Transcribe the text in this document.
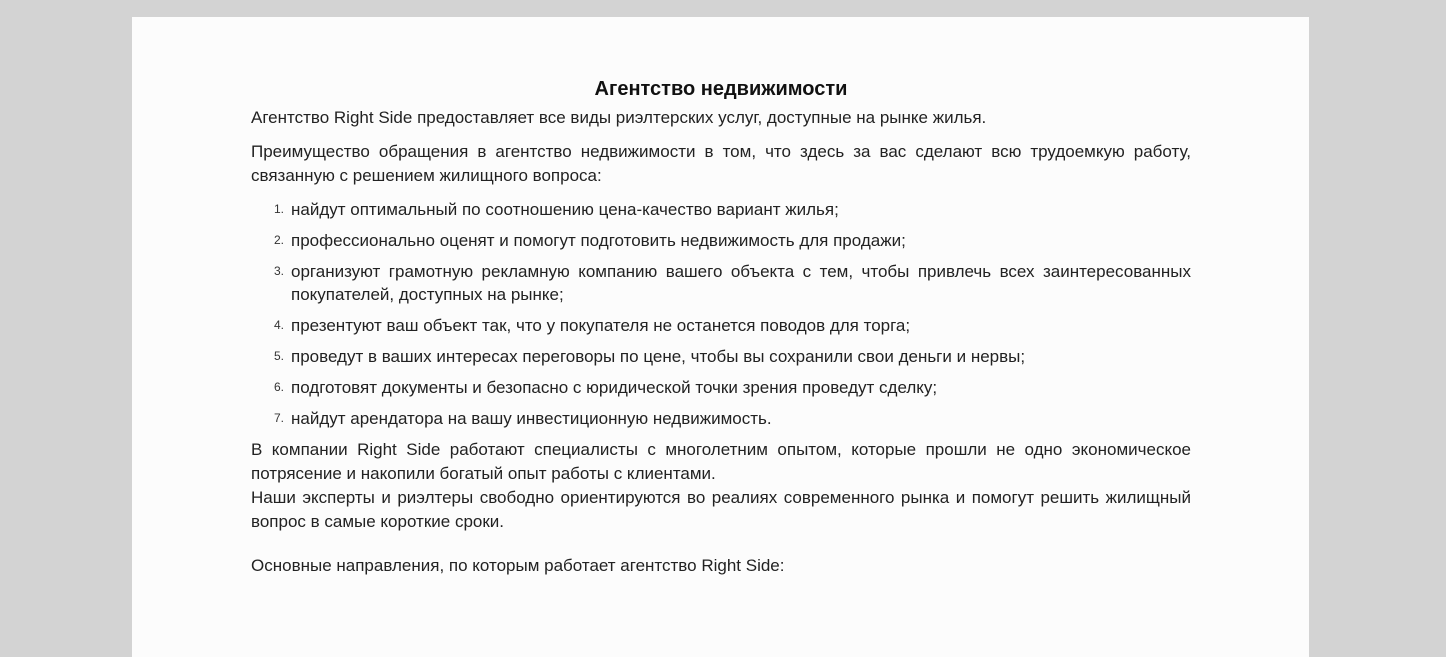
Агентство недвижимости

Агентство Right Side предоставляет все виды риэлтерских услуг, доступные на рынке жилья.

Преимущество обращения в агентство недвижимости в том, что здесь за вас сделают всю трудоемкую работу, связанную с решением жилищного вопроса:

1. найдут оптимальный по соотношению цена-качество вариант жилья;
2. профессионально оценят и помогут подготовить недвижимость для продажи;
3. организуют грамотную рекламную компанию вашего объекта с тем, чтобы привлечь всех заинтересованных покупателей, доступных на рынке;
4. презентуют ваш объект так, что у покупателя не останется поводов для торга;
5. проведут в ваших интересах переговоры по цене, чтобы вы сохранили свои деньги и нервы;
6. подготовят документы и безопасно с юридической точки зрения проведут сделку;
7. найдут арендатора на вашу инвестиционную недвижимость.

В компании Right Side работают специалисты с многолетним опытом, которые прошли не одно экономическое потрясение и накопили богатый опыт работы с клиентами.

Наши эксперты и риэлтеры свободно ориентируются во реалиях современного рынка и помогут решить жилищный вопрос в самые короткие сроки.

Основные направления, по которым работает агентство Right Side:
